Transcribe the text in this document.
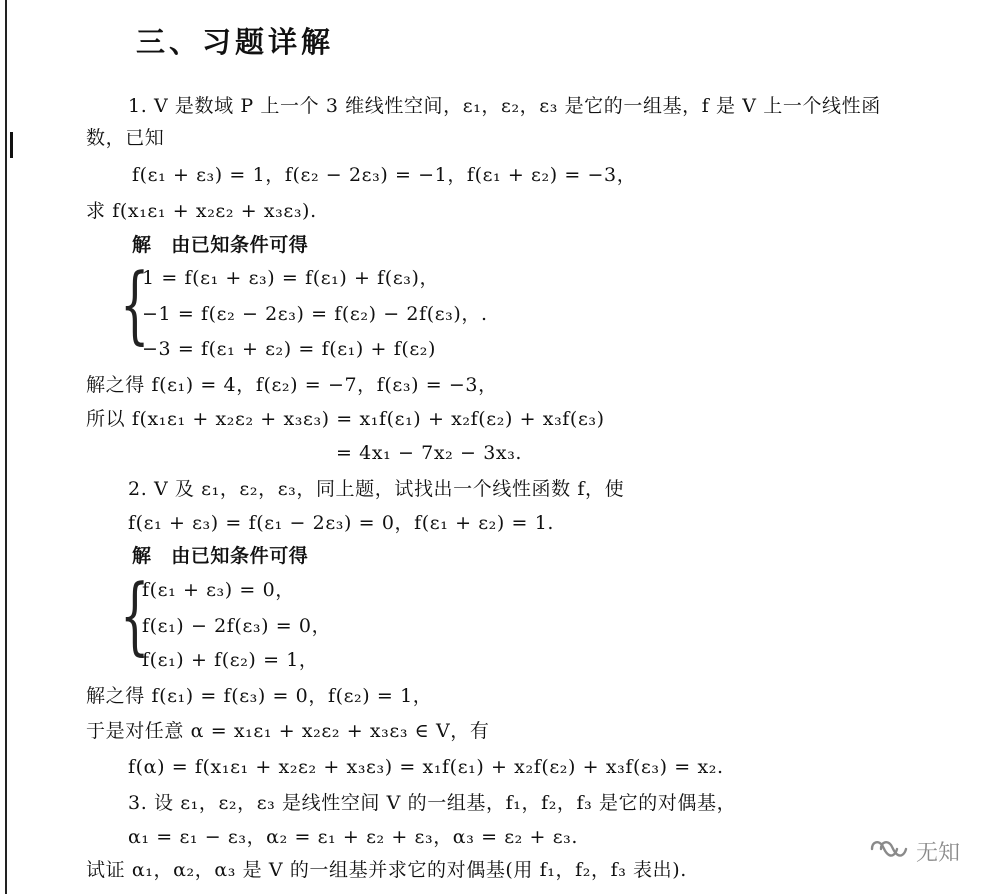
三、习题详解
1. V 是数域 P 上一个 3 维线性空间，ε₁，ε₂，ε₃ 是它的一组基，f 是 V 上一个线性函
数，已知
f(ε₁ + ε₃) = 1，f(ε₂ − 2ε₃) = −1，f(ε₁ + ε₂) = −3，
求 f(x₁ε₁ + x₂ε₂ + x₃ε₃).
解　由已知条件可得
{
1 = f(ε₁ + ε₃) = f(ε₁) + f(ε₃)，
−1 = f(ε₂ − 2ε₃) = f(ε₂) − 2f(ε₃)，.
−3 = f(ε₁ + ε₂) = f(ε₁) + f(ε₂)
解之得 f(ε₁) = 4，f(ε₂) = −7，f(ε₃) = −3，
所以 f(x₁ε₁ + x₂ε₂ + x₃ε₃) = x₁f(ε₁) + x₂f(ε₂) + x₃f(ε₃)
= 4x₁ − 7x₂ − 3x₃.
2. V 及 ε₁，ε₂，ε₃，同上题，试找出一个线性函数 f，使
f(ε₁ + ε₃) = f(ε₁ − 2ε₃) = 0，f(ε₁ + ε₂) = 1.
解　由已知条件可得
{
f(ε₁ + ε₃) = 0，
f(ε₁) − 2f(ε₃) = 0，
f(ε₁) + f(ε₂) = 1，
解之得 f(ε₁) = f(ε₃) = 0，f(ε₂) = 1，
于是对任意 α = x₁ε₁ + x₂ε₂ + x₃ε₃ ∈ V，有
f(α) = f(x₁ε₁ + x₂ε₂ + x₃ε₃) = x₁f(ε₁) + x₂f(ε₂) + x₃f(ε₃) = x₂.
3. 设 ε₁，ε₂，ε₃ 是线性空间 V 的一组基，f₁，f₂，f₃ 是它的对偶基，
α₁ = ε₁ − ε₃，α₂ = ε₁ + ε₂ + ε₃，α₃ = ε₂ + ε₃.
试证 α₁，α₂，α₃ 是 V 的一组基并求它的对偶基(用 f₁，f₂，f₃ 表出).
无知
